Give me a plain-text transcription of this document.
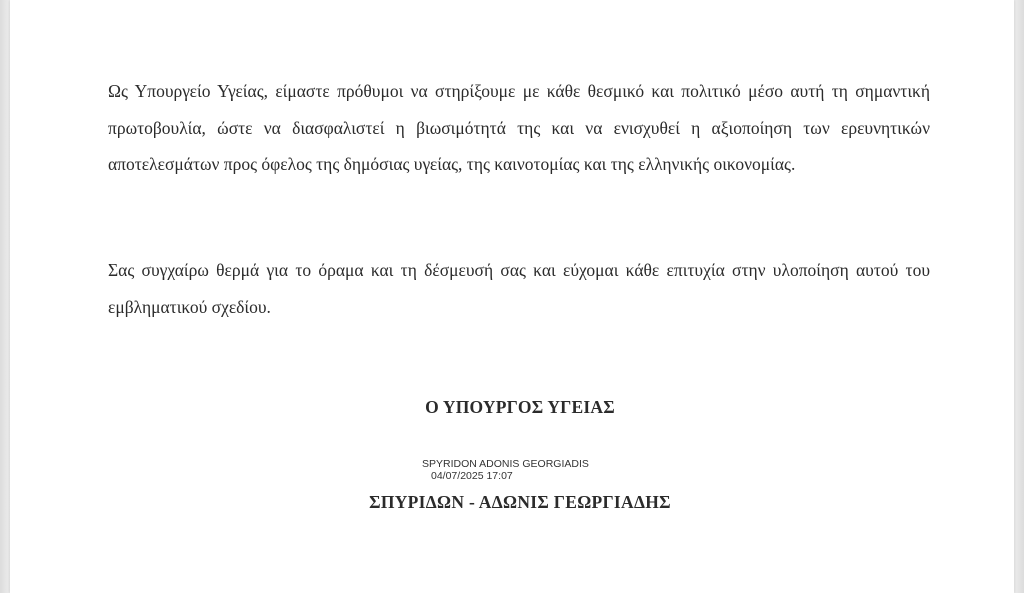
Ως Υπουργείο Υγείας, είμαστε πρόθυμοι να στηρίξουμε με κάθε θεσμικό και πολιτικό μέσο αυτή τη σημαντική πρωτοβουλία, ώστε να διασφαλιστεί η βιωσιμότητά της και να ενισχυθεί η αξιοποίηση των ερευνητικών αποτελεσμάτων προς όφελος της δημόσιας υγείας, της καινοτομίας και της ελληνικής οικονομίας.

Σας συγχαίρω θερμά για το όραμα και τη δέσμευσή σας και εύχομαι κάθε επιτυχία στην υλοποίηση αυτού του εμβληματικού σχεδίου.

Ο ΥΠΟΥΡΓΟΣ ΥΓΕΙΑΣ
SPYRIDON ADONIS GEORGIADIS
04/07/2025 17:07
ΣΠΥΡΙΔΩΝ - ΑΔΩΝΙΣ ΓΕΩΡΓΙΑΔΗΣ
